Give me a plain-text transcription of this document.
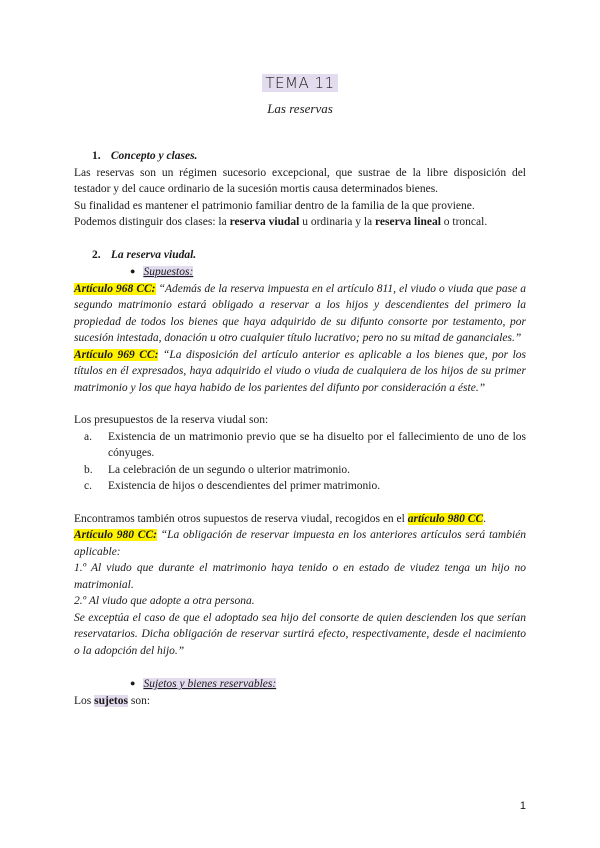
TEMA 11
Las reservas

1. Concepto y clases.

Las reservas son un régimen sucesorio excepcional, que sustrae de la libre disposición del testador y del cauce ordinario de la sucesión mortis causa determinados bienes.

Su finalidad es mantener el patrimonio familiar dentro de la familia de la que proviene.

Podemos distinguir dos clases: la reserva viudal u ordinaria y la reserva lineal o troncal.

2. La reserva viudal.

● Supuestos:

Artículo 968 CC: “Además de la reserva impuesta en el artículo 811, el viudo o viuda que pase a segundo matrimonio estará obligado a reservar a los hijos y descendientes del primero la propiedad de todos los bienes que haya adquirido de su difunto consorte por testamento, por sucesión intestada, donación u otro cualquier título lucrativo; pero no su mitad de gananciales.”

Artículo 969 CC: “La disposición del artículo anterior es aplicable a los bienes que, por los títulos en él expresados, haya adquirido el viudo o viuda de cualquiera de los hijos de su primer matrimonio y los que haya habido de los parientes del difunto por consideración a éste.”

Los presupuestos de la reserva viudal son:

a.	Existencia de un matrimonio previo que se ha disuelto por el fallecimiento de uno de los cónyuges.
b.	La celebración de un segundo o ulterior matrimonio.
c.	Existencia de hijos o descendientes del primer matrimonio.

Encontramos también otros supuestos de reserva viudal, recogidos en el artículo 980 CC.

Artículo 980 CC: “La obligación de reservar impuesta en los anteriores artículos será también aplicable:

1.º Al viudo que durante el matrimonio haya tenido o en estado de viudez tenga un hijo no matrimonial.

2.º Al viudo que adopte a otra persona.

Se exceptúa el caso de que el adoptado sea hijo del consorte de quien descienden los que serían reservatarios. Dicha obligación de reservar surtirá efecto, respectivamente, desde el nacimiento o la adopción del hijo.”

● Sujetos y bienes reservables:

Los sujetos son:

1
